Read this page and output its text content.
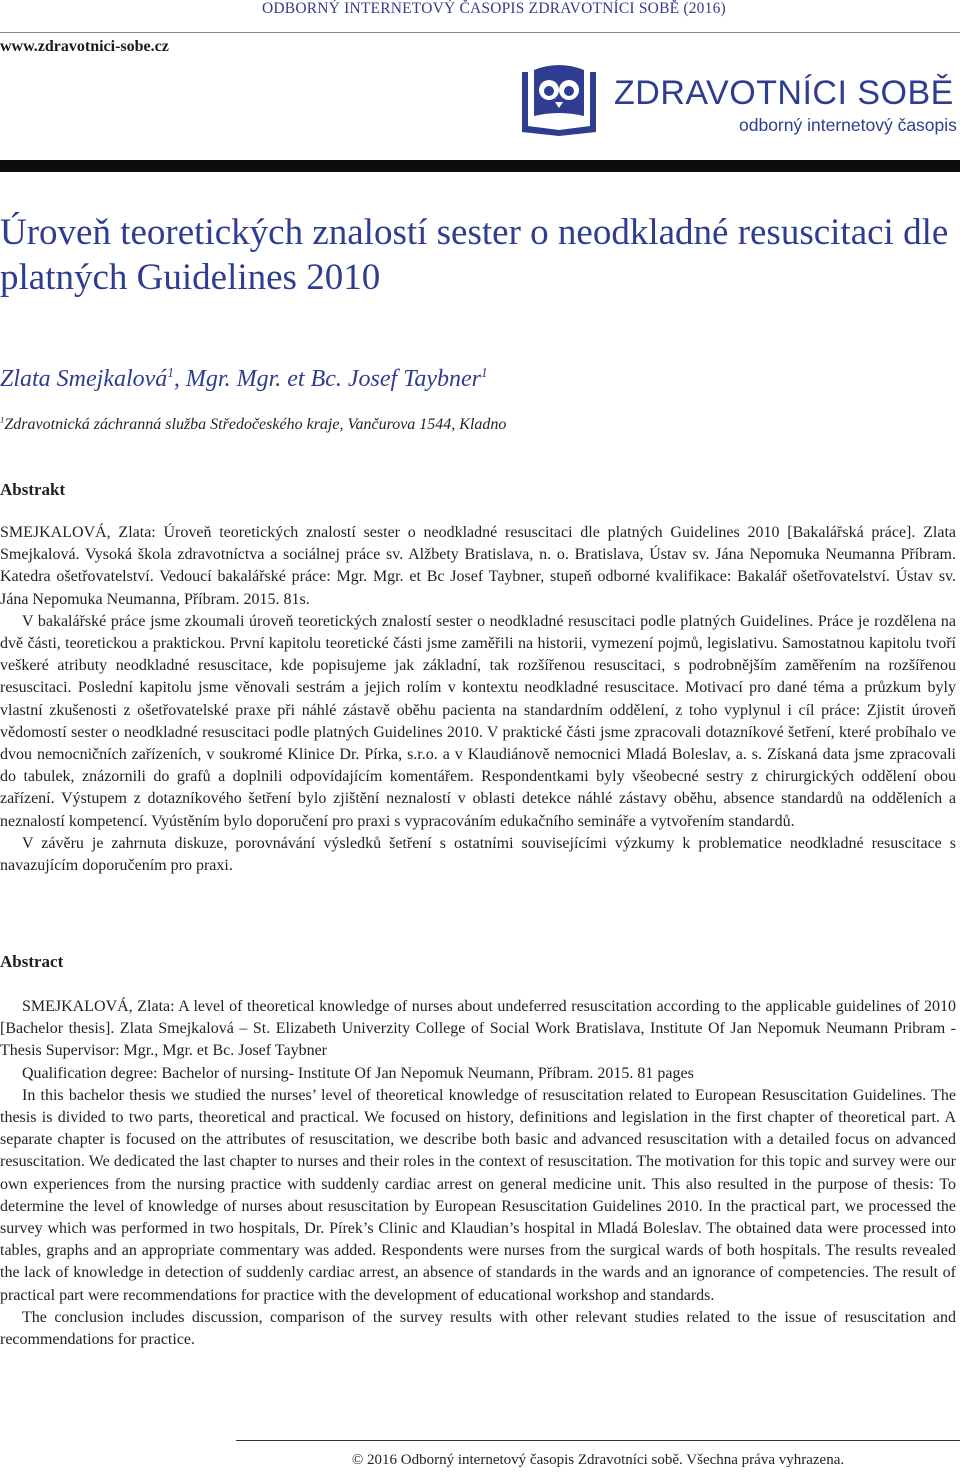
ODBORNÝ INTERNETOVÝ ČASOPIS ZDRAVOTNÍCI SOBĚ (2016)
www.zdravotnici-sobe.cz
ZDRAVOTNÍCI SOBĚ
odborný internetový časopis
Úroveň teoretických znalostí sester o neodkladné resuscitaci dle platných Guidelines 2010
Zlata Smejkalová$^1$, Mgr. Mgr. et Bc. Josef Taybner$^1$
$^1$Zdravotnická záchranná služba Středočeského kraje, Vančurova 1544, Kladno
Abstrakt

SMEJKALOVÁ, Zlata: Úroveň teoretických znalostí sester o neodkladné resuscitaci dle platných Guidelines 2010 [Bakalářská práce]. Zlata Smejkalová. Vysoká škola zdravotníctva a sociálnej práce sv. Alžbety Bratislava, n. o. Bratislava, Ústav sv. Jána Nepomuka Neumanna Příbram. Katedra ošetřovatelství. Vedoucí bakalářské práce: Mgr. Mgr. et Bc Josef Taybner, stupeň odborné kvalifikace: Bakalář ošetřovatelství. Ústav sv. Jána Nepomuka Neumanna, Příbram. 2015. 81s.

V bakalářské práce jsme zkoumali úroveň teoretických znalostí sester o neodkladné resuscitaci podle platných Guidelines. Práce je rozdělena na dvě části, teoretickou a praktickou. První kapitolu teoretické části jsme zaměřili na historii, vymezení pojmů, legislativu. Samostatnou kapitolu tvoří veškeré atributy neodkladné resuscitace, kde popisujeme jak základní, tak rozšířenou resuscitaci, s podrobnějším zaměřením na rozšířenou resuscitaci. Poslední kapitolu jsme věnovali sestrám a jejich rolím v kontextu neodkladné resuscitace. Motivací pro dané téma a průzkum byly vlastní zkušenosti z ošetřovatelské praxe při náhlé zástavě oběhu pacienta na standardním oddělení, z toho vyplynul i cíl práce: Zjistit úroveň vědomostí sester o neodkladné resuscitaci podle platných Guidelines 2010. V praktické části jsme zpracovali dotazníkové šetření, které probíhalo ve dvou nemocničních zařízeních, v soukromé Klinice Dr. Pírka, s.r.o. a v Klaudiánově nemocnici Mladá Boleslav, a. s. Získaná data jsme zpracovali do tabulek, znázornili do grafů a doplnili odpovídajícím komentářem. Respondentkami byly všeobecné sestry z chirurgických oddělení obou zařízení. Výstupem z dotazníkového šetření bylo zjištění neznalostí v oblasti detekce náhlé zástavy oběhu, absence standardů na odděleních a neznalostí kompetencí. Vyústěním bylo doporučení pro praxi s vypracováním edukačního semináře a vytvořením standardů.

V závěru je zahrnuta diskuze, porovnávání výsledků šetření s ostatními souvisejícími výzkumy k problematice neodkladné resuscitace s navazujícím doporučením pro praxi.

Abstract

SMEJKALOVÁ, Zlata: A level of theoretical knowledge of nurses about undeferred resuscitation according to the applicable guidelines of 2010 [Bachelor thesis]. Zlata Smejkalová – St. Elizabeth Univerzity College of Social Work Bratislava, Institute Of Jan Nepomuk Neumann Pribram - Thesis Supervisor: Mgr., Mgr. et Bc. Josef Taybner

Qualification degree: Bachelor of nursing- Institute Of Jan Nepomuk Neumann, Příbram. 2015. 81 pages

In this bachelor thesis we studied the nurses’ level of theoretical knowledge of resuscitation related to European Resuscitation Guidelines. The thesis is divided to two parts, theoretical and practical. We focused on history, definitions and legislation in the first chapter of theoretical part. A separate chapter is focused on the attributes of resuscitation, we describe both basic and advanced resuscitation with a detailed focus on advanced resuscitation. We dedicated the last chapter to nurses and their roles in the context of resuscitation. The motivation for this topic and survey were our own experiences from the nursing practice with suddenly cardiac arrest on general medicine unit. This also resulted in the purpose of thesis: To determine the level of knowledge of nurses about resuscitation by European Resuscitation Guidelines 2010. In the practical part, we processed the survey which was performed in two hospitals, Dr. Pírek’s Clinic and Klaudian’s hospital in Mladá Boleslav. The obtained data were processed into tables, graphs and an appropriate commentary was added. Respondents were nurses from the surgical wards of both hospitals. The results revealed the lack of knowledge in detection of suddenly cardiac arrest, an absence of standards in the wards and an ignorance of competencies. The result of practical part were recommendations for practice with the development of educational workshop and standards.

The conclusion includes discussion, comparison of the survey results with other relevant studies related to the issue of resuscitation and recommendations for practice.

© 2016 Odborný internetový časopis Zdravotníci sobě. Všechna práva vyhrazena.
